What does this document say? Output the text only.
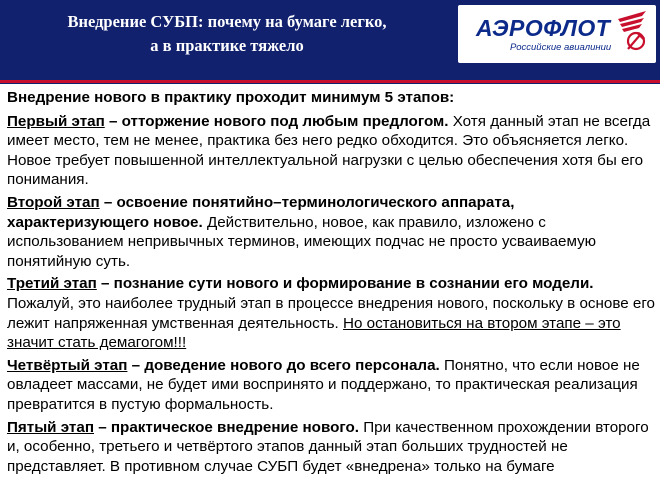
Внедрение СУБП: почему на бумаге легко,
а в практике тяжело
АЭРОФЛОТ
Российские авиалинии
Внедрение нового в практику проходит минимум 5 этапов:

Первый этап – отторжение нового под любым предлогом. Хотя данный этап не всегда имеет место, тем не менее, практика без него редко обходится. Это объясняется легко. Новое требует повышенной интеллектуальной нагрузки с целью обеспечения хотя бы его понимания.

Второй этап – освоение понятийно–терминологического аппарата, характеризующего новое. Действительно, новое, как правило, изложено с использованием непривычных терминов, имеющих подчас не просто усваиваемую понятийную суть.

Третий этап – познание сути нового и формирование в сознании его модели. Пожалуй, это наиболее трудный этап в процессе внедрения нового, поскольку в основе его лежит напряженная умственная деятельность. Но остановиться на втором этапе – это значит стать демагогом!!!

Четвёртый этап – доведение нового до всего персонала. Понятно, что если новое не овладеет массами, не будет ими воспринято и поддержано, то практическая реализация превратится в пустую формальность.

Пятый этап – практическое внедрение нового. При качественном прохождении второго и, особенно, третьего и четвёртого этапов данный этап больших трудностей не представляет. В противном случае СУБП будет «внедрена» только на бумаге
